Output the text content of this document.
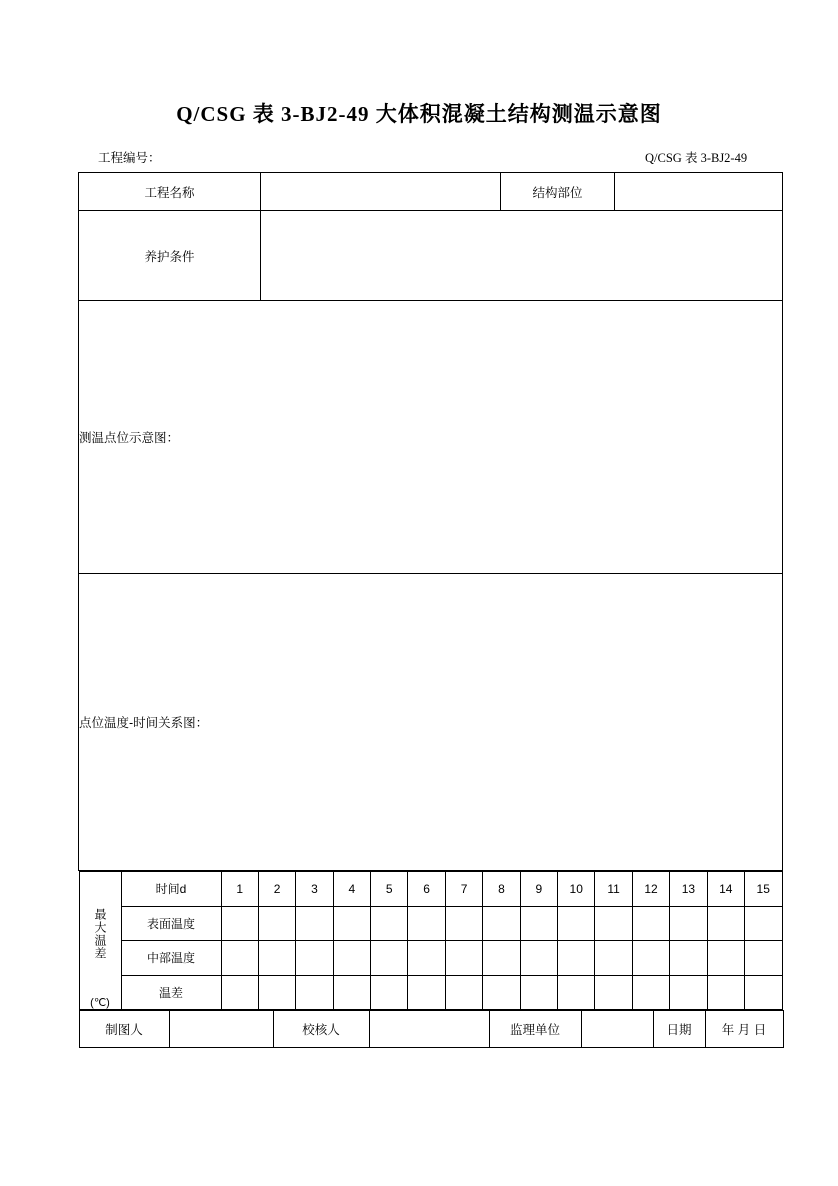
Q/CSG 表 3-BJ2-49 大体积混凝土结构测温示意图
工程编号：	Q/CSG 表 3-BJ2-49
工程名称		结构部位	
养护条件	
测温点位示意图：
点位温度-时间关系图：

最大温差
(℃)
	时间d	1	2	3	4	5	6	7	8	9	10	11	12	13	14	15
表面温度															
中部温度															
温差															

制图人		校核人		监理单位		日期	年 月 日
